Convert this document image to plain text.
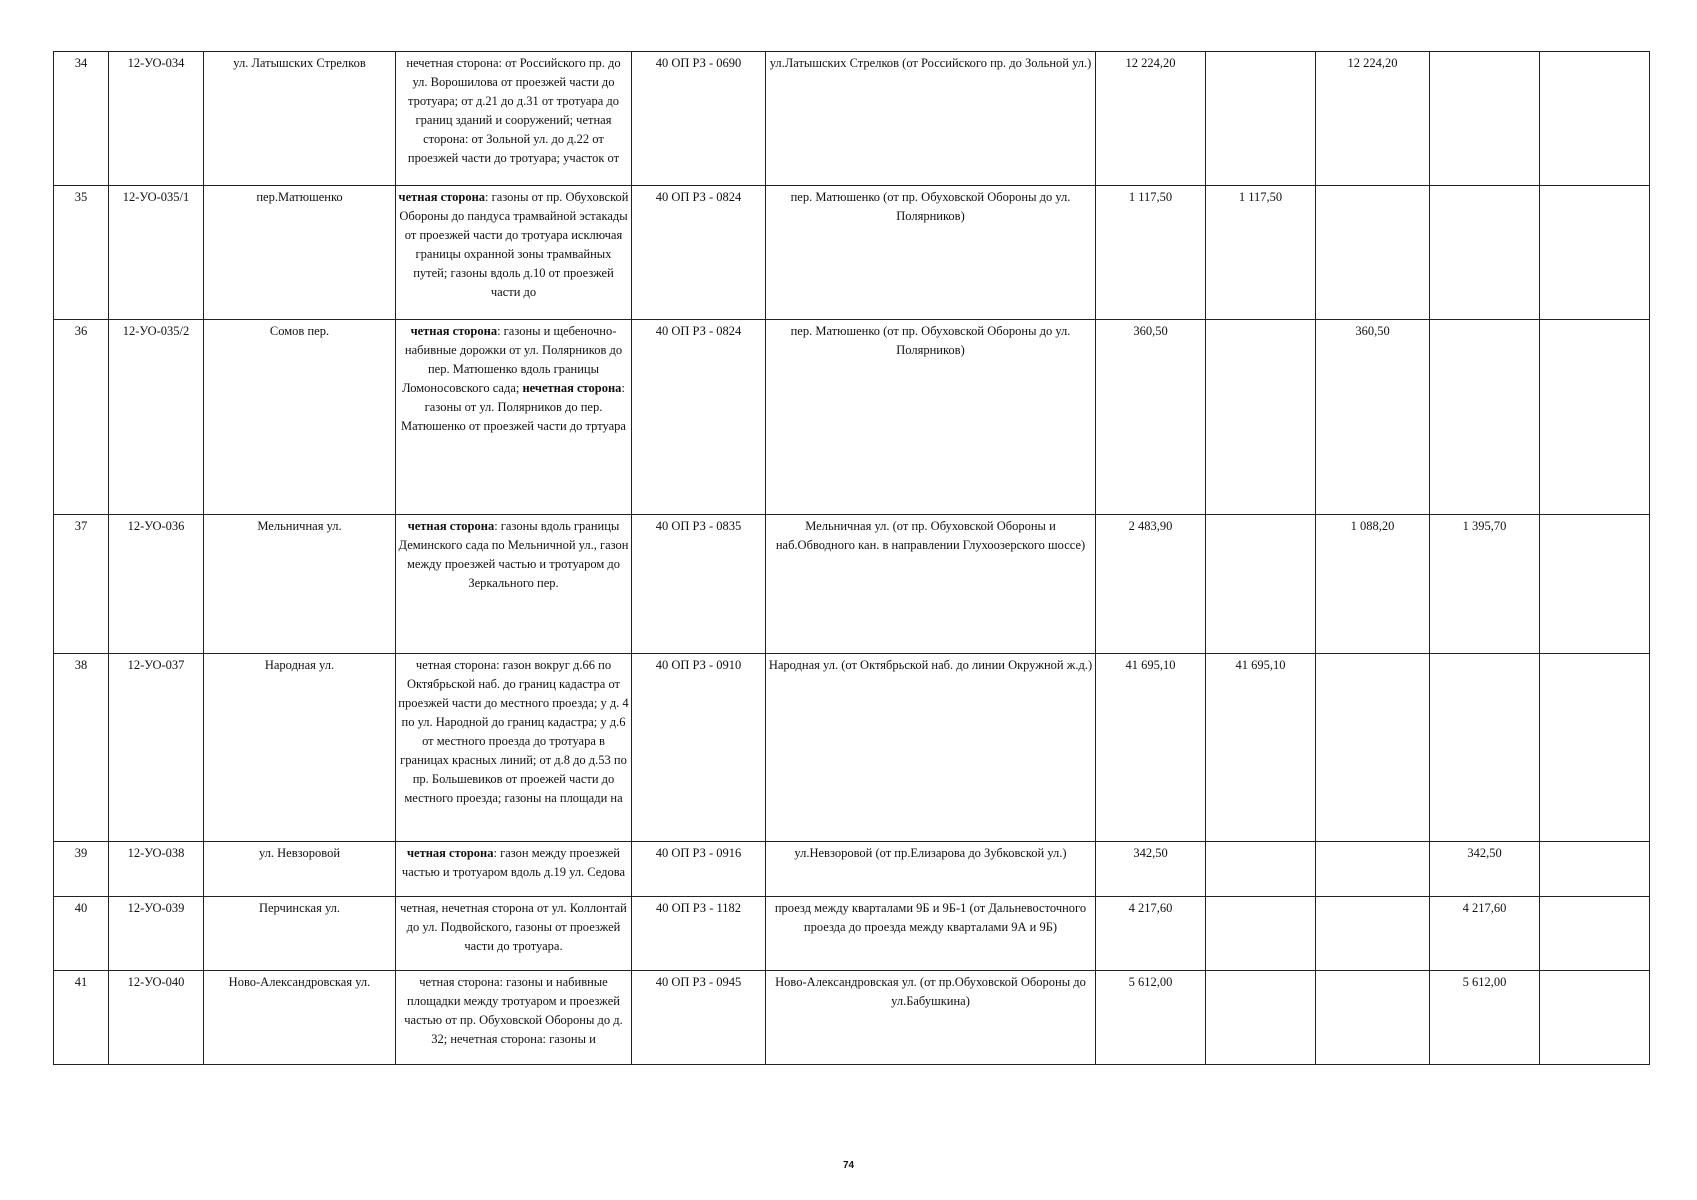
34	12-УО-034	ул. Латышских Стрелков	нечетная сторона: от Российского пр. до ул. Ворошилова от проезжей части до тротуара; от д.21 до д.31 от тротуара до границ зданий и сооружений; четная сторона: от Зольной ул. до д.22 от проезжей части до тротуара; участок от	40 ОП РЗ - 0690	ул.Латышских Стрелков (от Российского пр. до Зольной ул.)	12 224,20		12 224,20		

35	12-УО-035/1	пер.Матюшенко	четная сторона: газоны от пр. Обуховской Обороны до пандуса трамвайной эстакады от проезжей части до тротуара исключая границы охранной зоны трамвайных путей; газоны вдоль д.10 от проезжей части до	40 ОП РЗ - 0824	пер. Матюшенко (от пр. Обуховской Обороны до ул. Полярников)	1 117,50	1 117,50			

36	12-УО-035/2	Сомов пер.	четная сторона: газоны и щебеночно-набивные дорожки от ул. Полярников до пер. Матюшенко вдоль границы Ломоносовского сада; нечетная сторона: газоны от ул. Полярников до пер. Матюшенко от проезжей части до тртуара	40 ОП РЗ - 0824	пер. Матюшенко (от пр. Обуховской Обороны до ул. Полярников)	360,50		360,50		

37	12-УО-036	Мельничная ул.	четная сторона: газоны вдоль границы Деминского сада по Мельничной ул., газон между проезжей частью и тротуаром до Зеркального пер.	40 ОП РЗ - 0835	Мельничная ул. (от пр. Обуховской Обороны и наб.Обводного кан. в направлении Глухоозерского шоссе)	2 483,90		1 088,20	1 395,70	

38	12-УО-037	Народная ул.	четная сторона: газон вокруг д.66 по Октябрьской наб. до границ кадастра от проезжей части до местного проезда; у д. 4 по ул. Народной до границ кадастра; у д.6 от местного проезда до тротуара в границах красных линий; от д.8 до д.53 по пр. Большевиков от проежей части до местного проезда; газоны на площади на	40 ОП РЗ - 0910	Народная ул. (от Октябрьской наб. до линии Окружной ж.д.)	41 695,10	41 695,10			

39	12-УО-038	ул. Невзоровой	четная сторона: газон между проезжей частью и тротуаром вдоль д.19 ул. Седова	40 ОП РЗ - 0916	ул.Невзоровой (от пр.Елизарова до Зубковской ул.)	342,50			342,50	

40	12-УО-039	Перчинская ул.	четная, нечетная сторона от ул. Коллонтай до ул. Подвойского, газоны от проезжей части до тротуара.	40 ОП РЗ - 1182	проезд между кварталами 9Б и 9Б-1 (от Дальневосточного проезда до проезда между кварталами 9А и 9Б)	4 217,60			4 217,60	

41	12-УО-040	Ново-Александровская ул.	четная сторона: газоны и набивные площадки между тротуаром и проезжей частью от пр. Обуховской Обороны до д. 32; нечетная сторона: газоны и	40 ОП РЗ - 0945	Ново-Александровская ул. (от пр.Обуховской Обороны до ул.Бабушкина)	5 612,00			5 612,00	

74
